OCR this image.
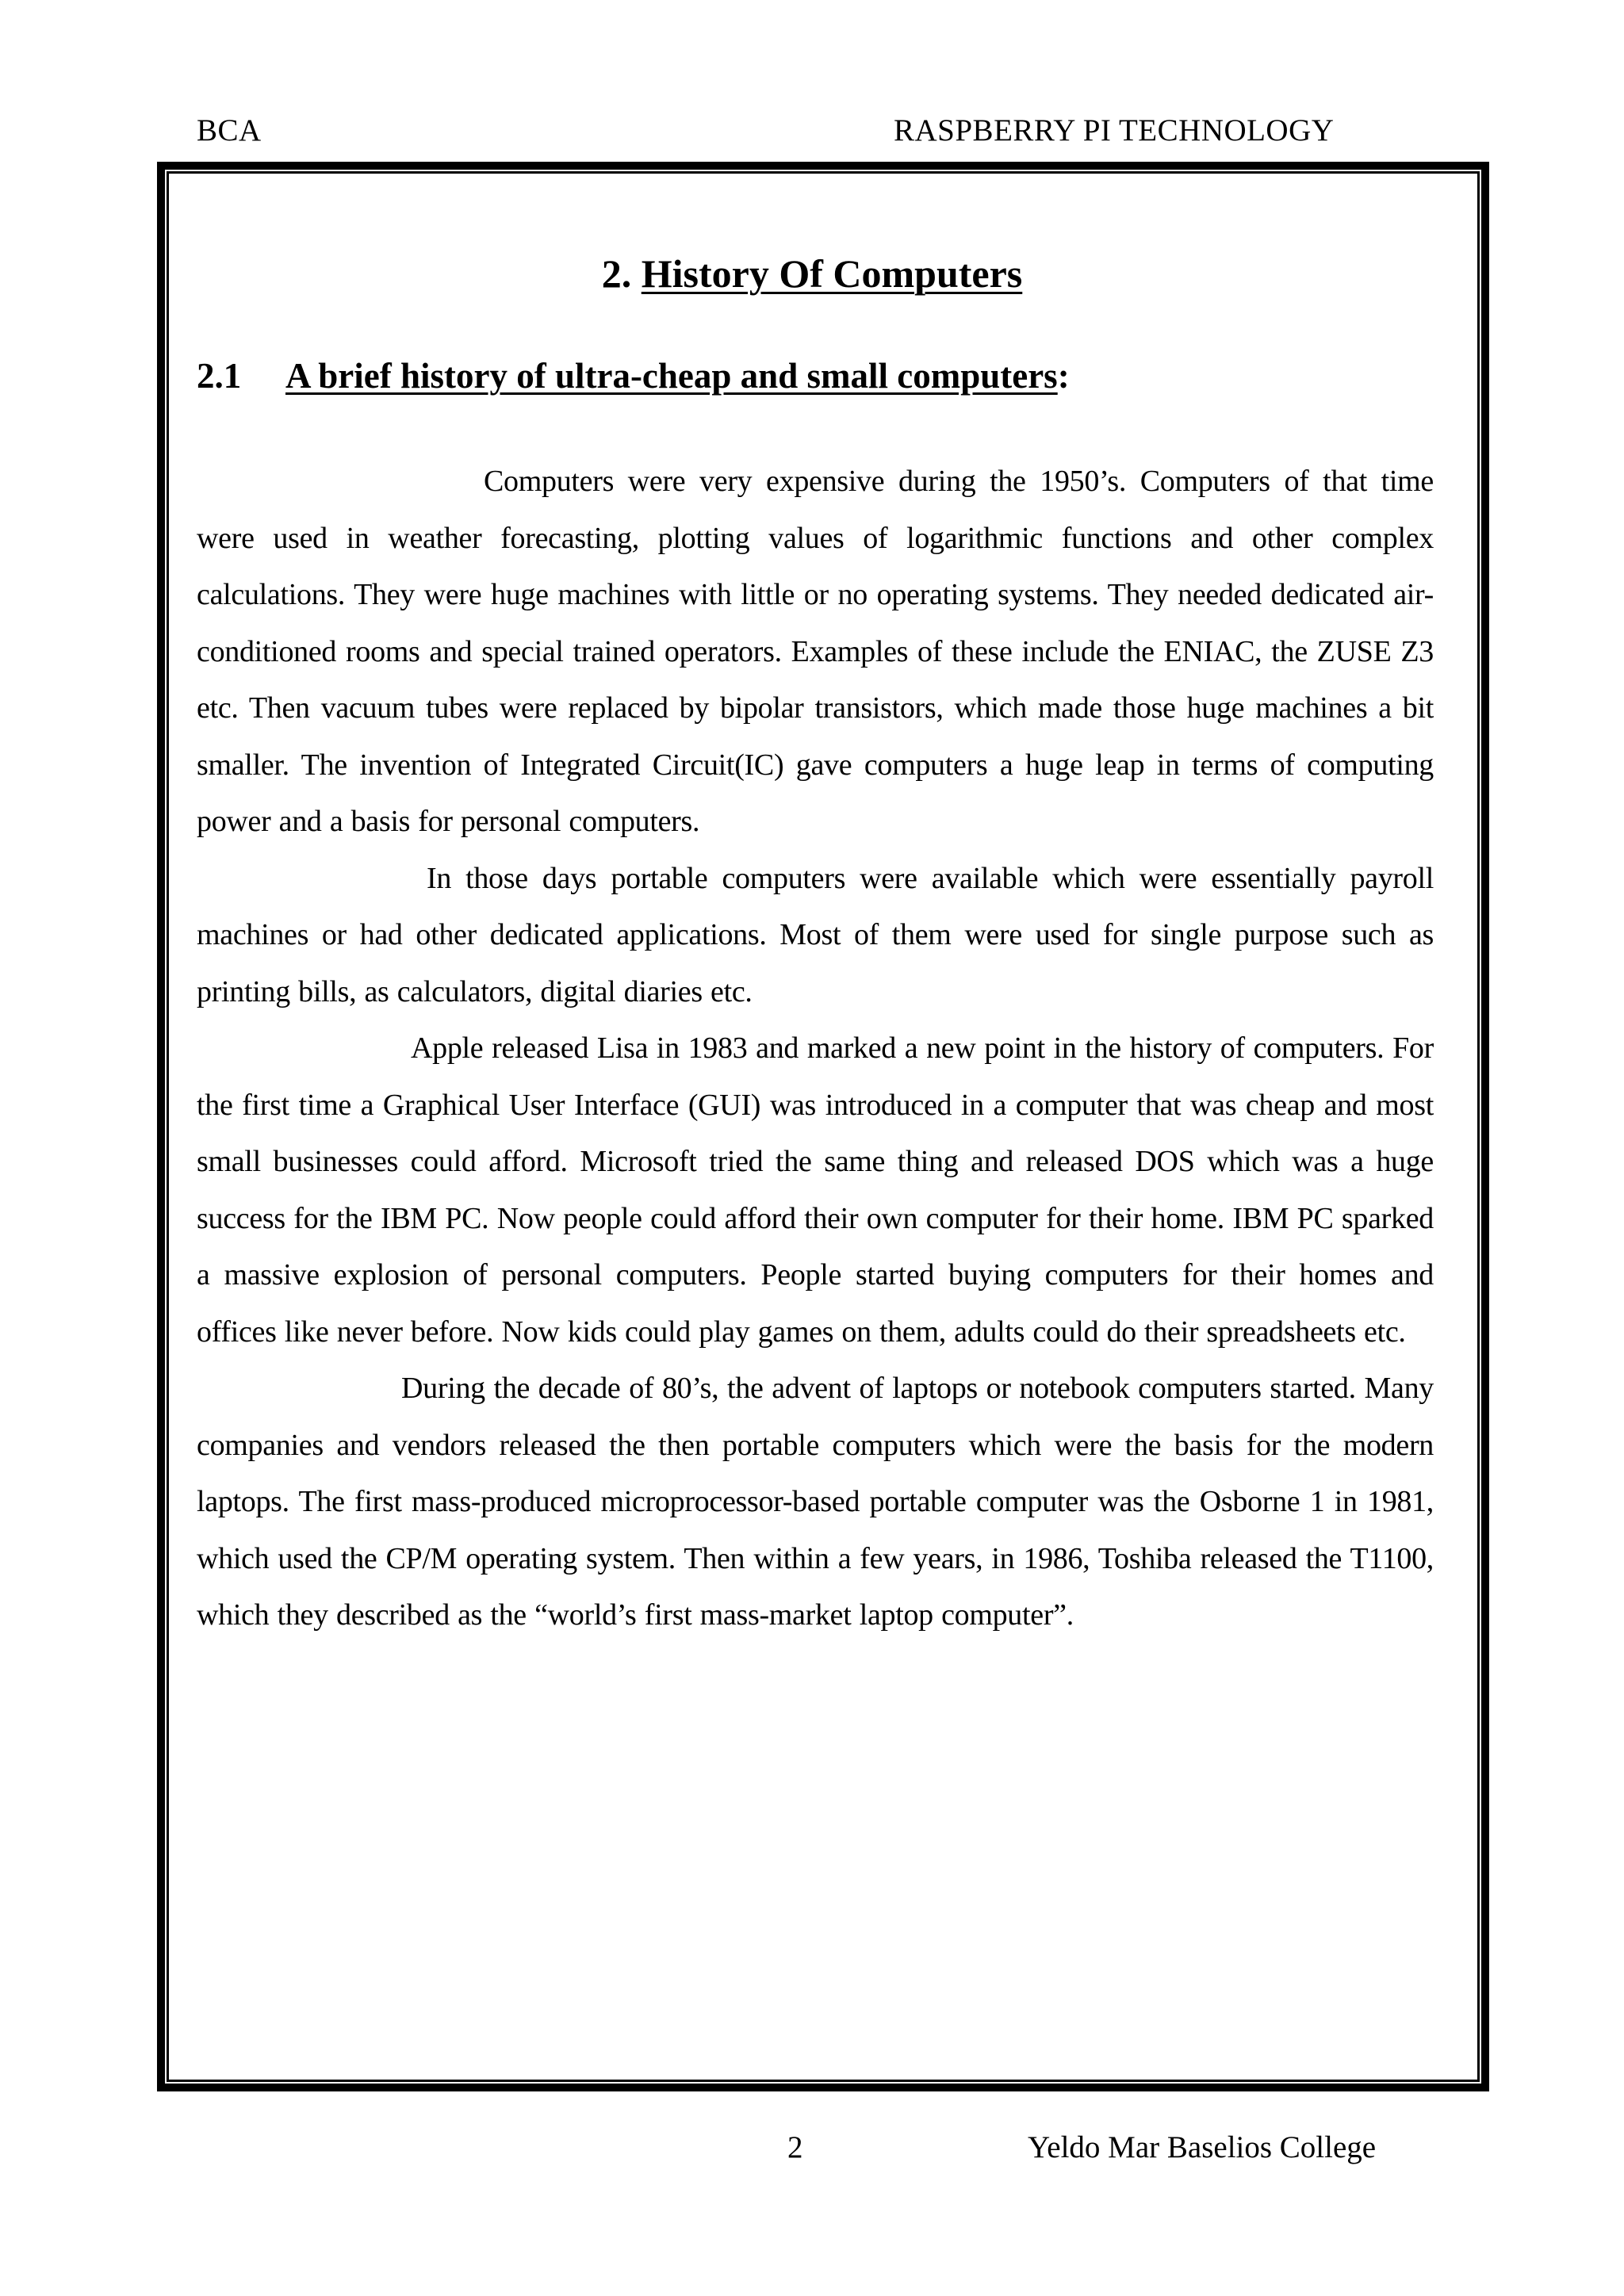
BCA	RASPBERRY PI TECHNOLOGY
2. History Of Computers
2.1 A brief history of ultra-cheap and small computers:

Computers were very expensive during the 1950’s. Computers of that time were used in weather forecasting, plotting values of logarithmic functions and other complex calculations. They were huge machines with little or no operating systems. They needed dedicated air-conditioned rooms and special trained operators. Examples of these include the ENIAC, the ZUSE Z3 etc. Then vacuum tubes were replaced by bipolar transistors, which made those huge machines a bit smaller. The invention of Integrated Circuit(IC) gave computers a huge leap in terms of computing power and a basis for personal computers.

In those days portable computers were available which were essentially payroll machines or had other dedicated applications. Most of them were used for single purpose such as printing bills, as calculators, digital diaries etc.

Apple released Lisa in 1983 and marked a new point in the history of computers. For the first time a Graphical User Interface (GUI) was introduced in a computer that was cheap and most small businesses could afford. Microsoft tried the same thing and released DOS which was a huge success for the IBM PC. Now people could afford their own computer for their home. IBM PC sparked a massive explosion of personal computers. People started buying computers for their homes and offices like never before. Now kids could play games on them, adults could do their spreadsheets etc.

During the decade of 80’s, the advent of laptops or notebook computers started. Many companies and vendors released the then portable computers which were the basis for the modern laptops. The first mass-produced microprocessor-based portable computer was the Osborne 1 in 1981, which used the CP/M operating system. Then within a few years, in 1986, Toshiba released the T1100, which they described as the “world’s first mass-market laptop computer”.

2	Yeldo Mar Baselios College
